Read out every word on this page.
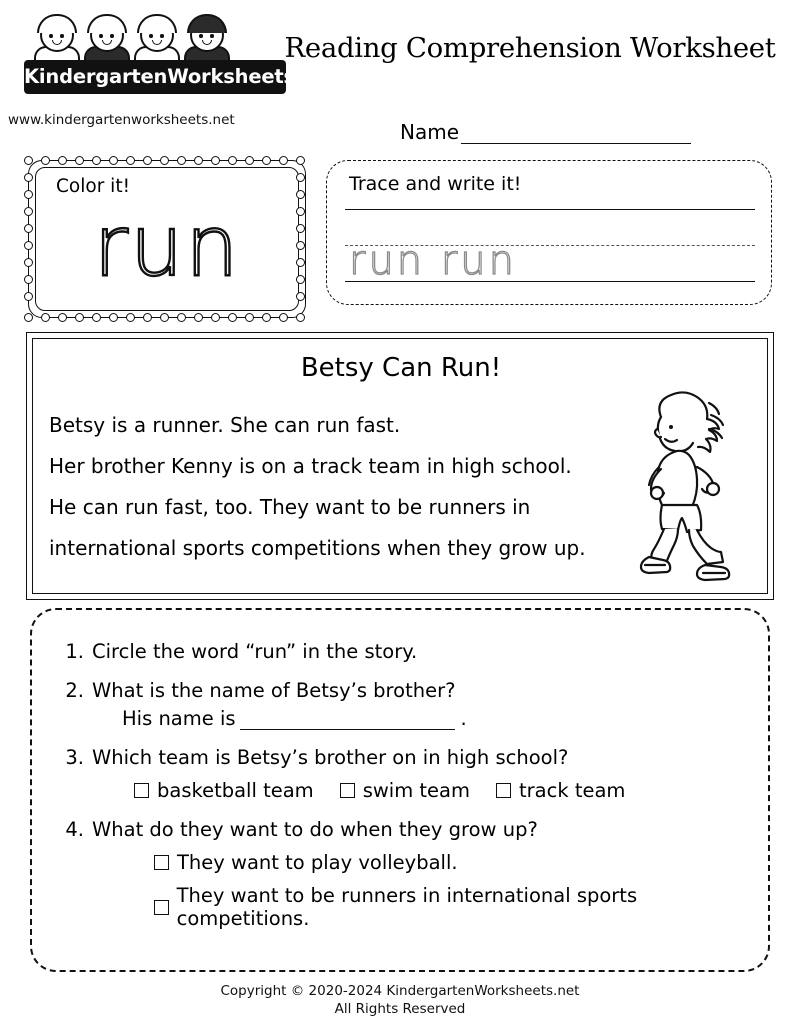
KindergartenWorksheets.net
www.kindergartenworksheets.net
Reading Comprehension Worksheet
Name
Color it!
run
Trace and write it!
run run
Betsy Can Run!

Betsy is a runner. She can run fast.

Her brother Kenny is on a track team in high school.

He can run fast, too. They want to be runners in

international sports competitions when they grow up.

1. Circle the word “run” in the story.
2. What is the name of Betsy’s brother?
His name is	.
3. Which team is Betsy’s brother on in high school?
basketball team	swim team	track team
4. What do they want to do when they grow up?
They want to play volleyball.
They want to be runners in international sports competitions.
Copyright © 2020-2024 KindergartenWorksheets.net
All Rights Reserved
